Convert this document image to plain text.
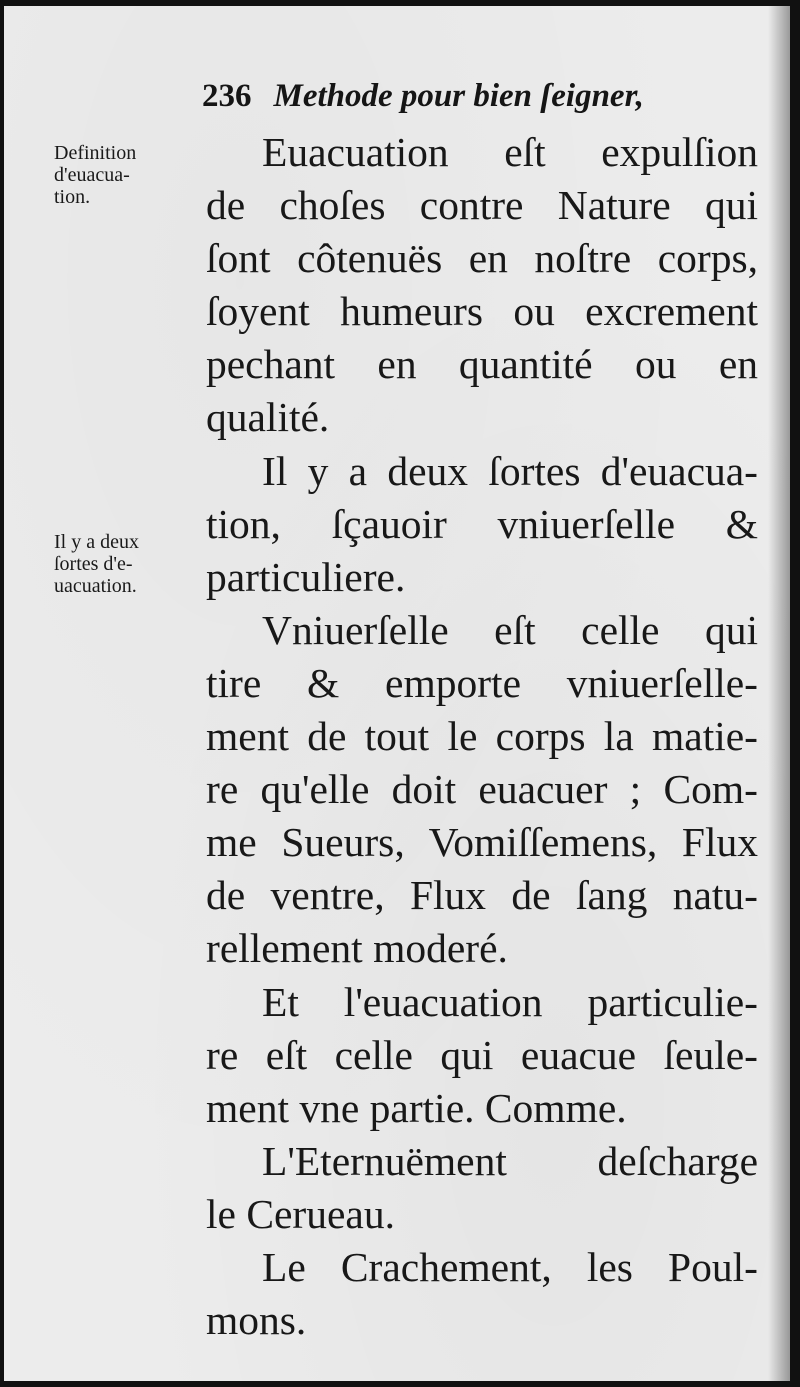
236 Methode pour bien ſeigner,
Definition
d'euacua-
tion.
Il y a deux
ſortes d'e-
uacuation.
Euacuation eſt expulſion
de choſes contre Nature qui
ſont côtenuës en noſtre corps,
ſoyent humeurs ou excrement
pechant en quantité ou en
qualité.
Il y a deux ſortes d'euacua-
tion, ſçauoir vniuerſelle &
particuliere.
Vniuerſelle eſt celle qui
tire & emporte vniuerſelle-
ment de tout le corps la matie-
re qu'elle doit euacuer ; Com-
me Sueurs, Vomiſſemens, Flux
de ventre, Flux de ſang natu-
rellement moderé.
Et l'euacuation particulie-
re eſt celle qui euacue ſeule-
ment vne partie. Comme.
L'Eternuëment deſcharge
le Cerueau.
Le Crachement, les Poul-
mons.
